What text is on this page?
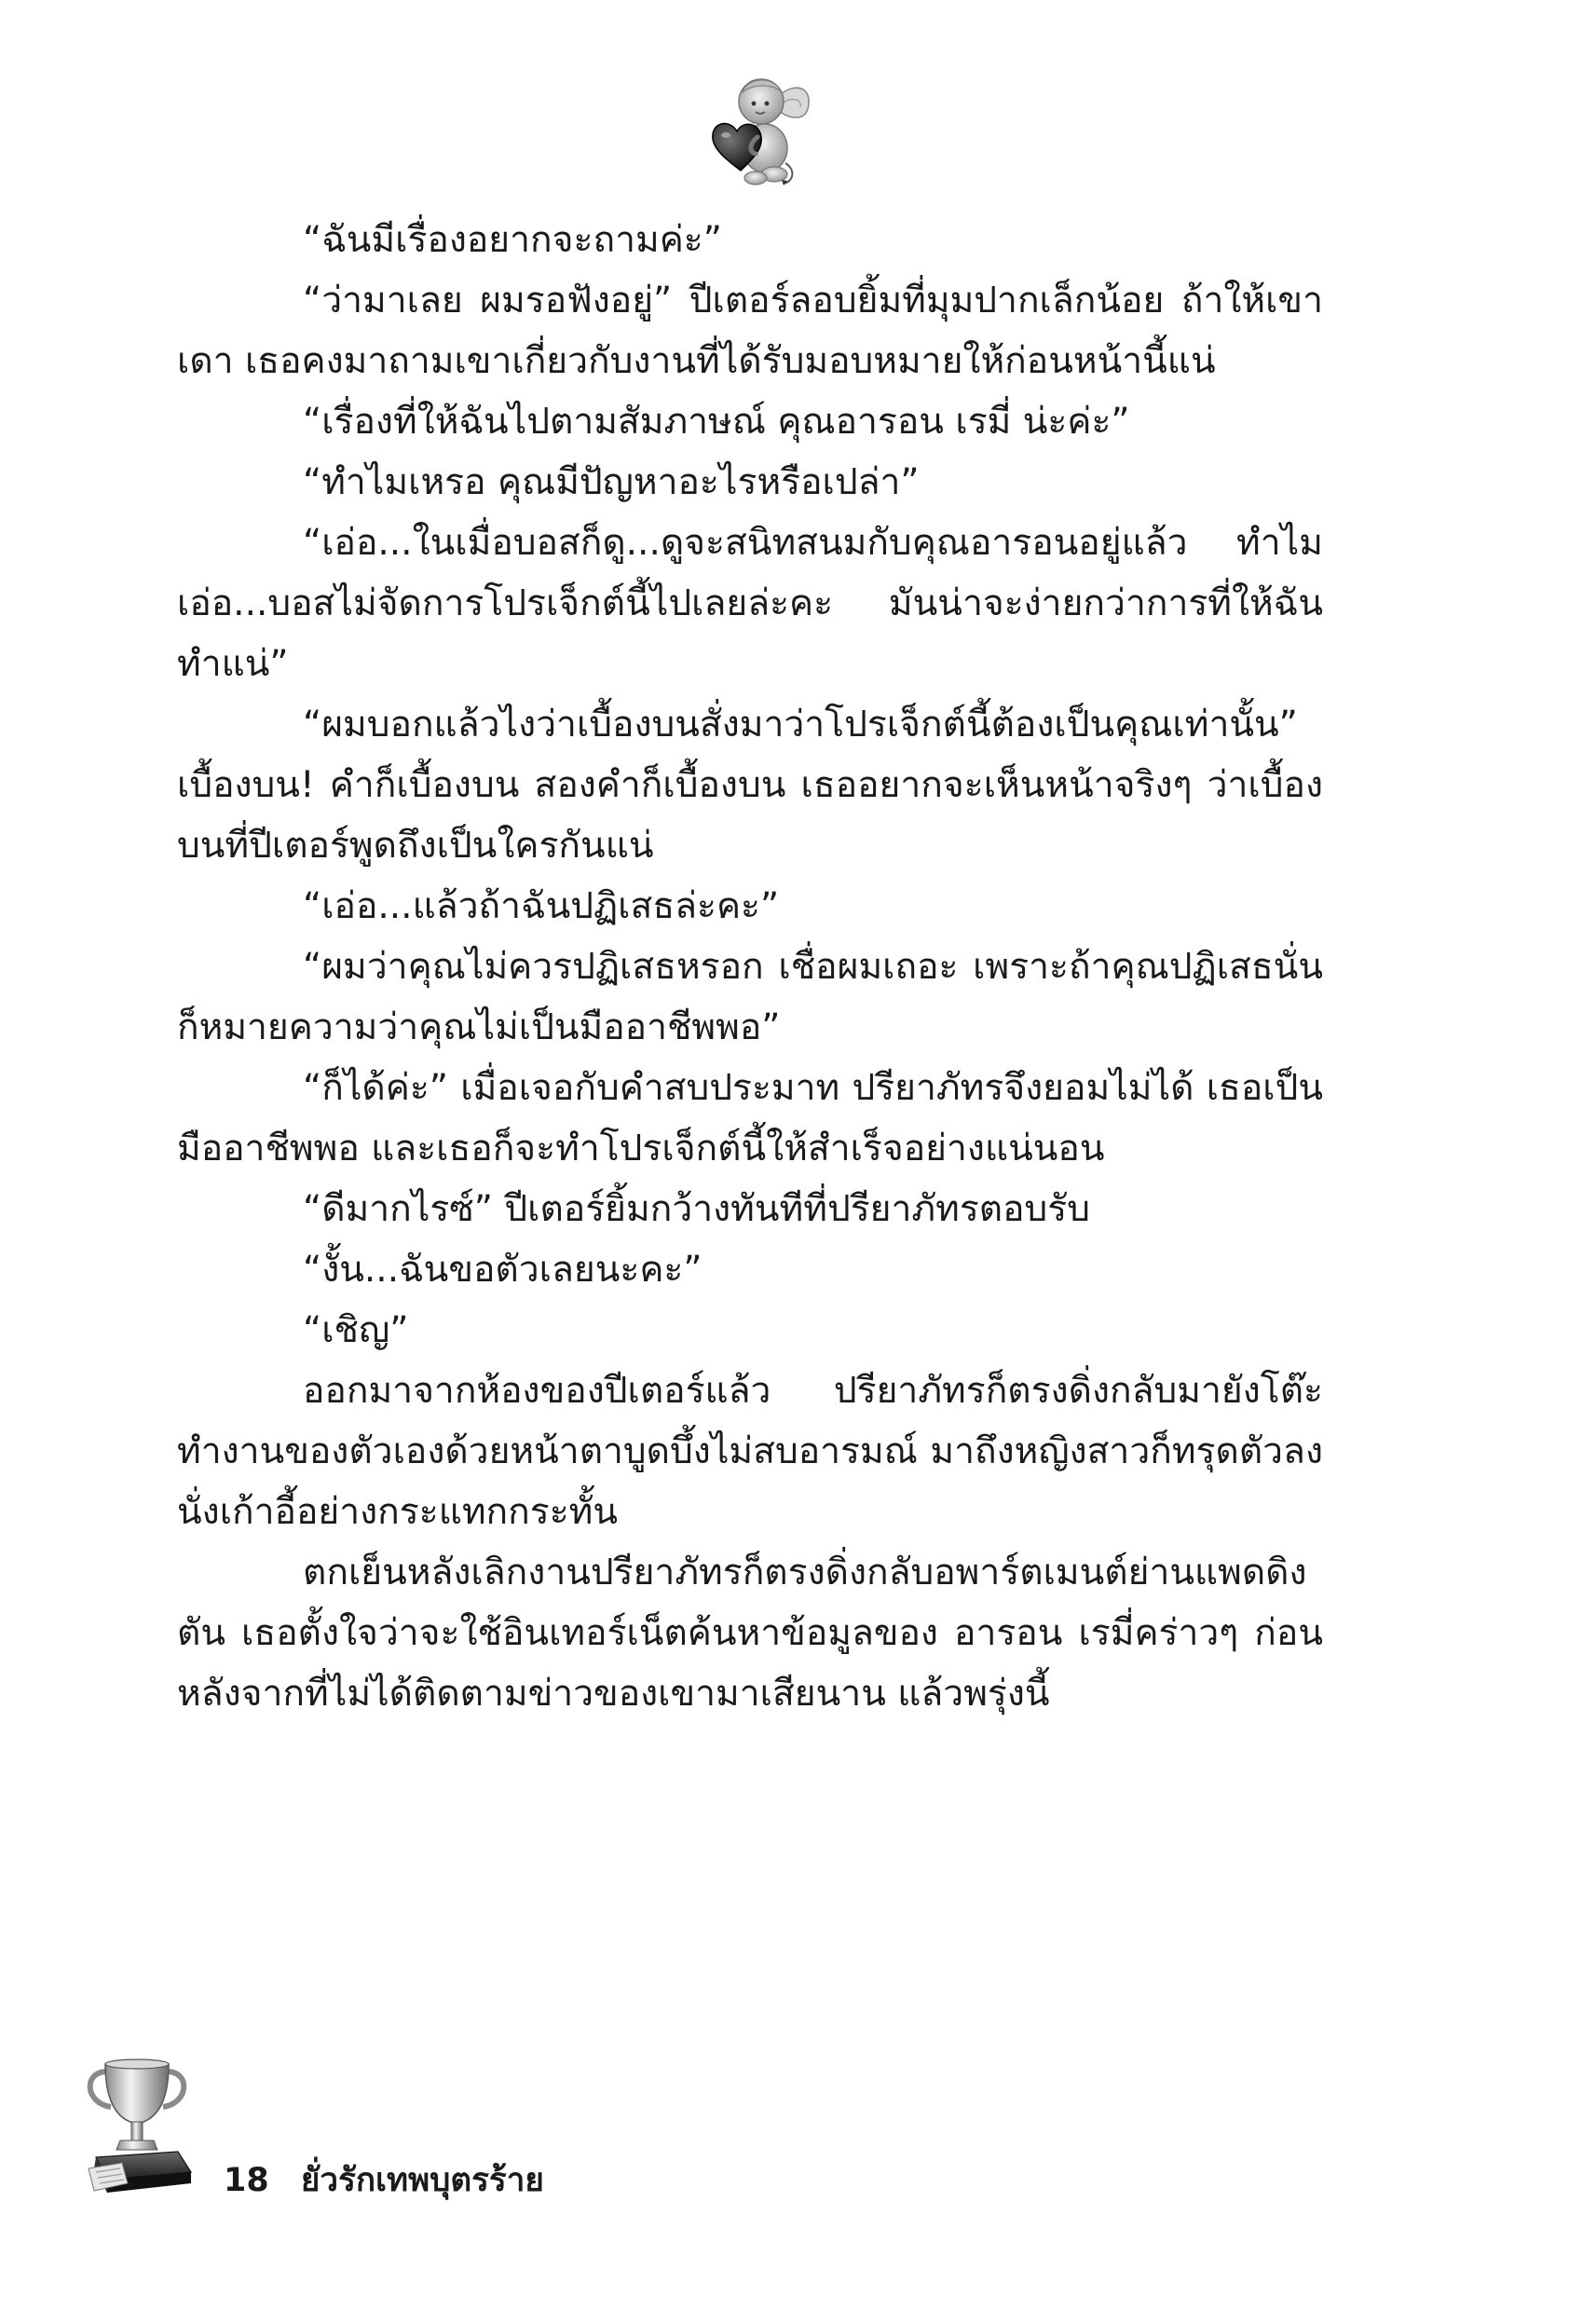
“ฉันมีเรื่องอยากจะถามค่ะ”

“ว่ามาเลย ผมรอฟังอยู่” ปีเตอร์ลอบยิ้มที่มุมปากเล็กน้อย ถ้าให้เขาเดา เธอคงมาถามเขาเกี่ยวกับงานที่ได้รับมอบหมายให้ก่อนหน้านี้แน่

“เรื่องที่ให้ฉันไปตามสัมภาษณ์ คุณอารอน เรมี่ น่ะค่ะ”

“ทำไมเหรอ คุณมีปัญหาอะไรหรือเปล่า”

“เอ่อ...ในเมื่อบอสก็ดู...ดูจะสนิทสนมกับคุณอารอนอยู่แล้ว ทำไมเอ่อ...บอสไม่จัดการโปรเจ็กต์นี้ไปเลยล่ะคะ มันน่าจะง่ายกว่าการที่ให้ฉันทำแน่”

“ผมบอกแล้วไงว่าเบื้องบนสั่งมาว่าโปรเจ็กต์นี้ต้องเป็นคุณเท่านั้น” เบื้องบน! คำก็เบื้องบน สองคำก็เบื้องบน เธออยากจะเห็นหน้าจริงๆ ว่าเบื้องบนที่ปีเตอร์พูดถึงเป็นใครกันแน่

“เอ่อ...แล้วถ้าฉันปฏิเสธล่ะคะ”

“ผมว่าคุณไม่ควรปฏิเสธหรอก เชื่อผมเถอะ เพราะถ้าคุณปฏิเสธนั่นก็หมายความว่าคุณไม่เป็นมืออาชีพพอ”

“ก็ได้ค่ะ” เมื่อเจอกับคำสบประมาท ปรียาภัทรจึงยอมไม่ได้ เธอเป็นมืออาชีพพอ และเธอก็จะทำโปรเจ็กต์นี้ให้สำเร็จอย่างแน่นอน

“ดีมากไรซ์” ปีเตอร์ยิ้มกว้างทันทีที่ปรียาภัทรตอบรับ

“งั้น...ฉันขอตัวเลยนะคะ”

“เชิญ”

ออกมาจากห้องของปีเตอร์แล้ว ปรียาภัทรก็ตรงดิ่งกลับมายังโต๊ะทำงานของตัวเองด้วยหน้าตาบูดบึ้งไม่สบอารมณ์ มาถึงหญิงสาวก็ทรุดตัวลงนั่งเก้าอี้อย่างกระแทกกระทั้น

ตกเย็นหลังเลิกงานปรียาภัทรก็ตรงดิ่งกลับอพาร์ตเมนต์ย่านแพดดิงตัน เธอตั้งใจว่าจะใช้อินเทอร์เน็ตค้นหาข้อมูลของ อารอน เรมี่คร่าวๆ ก่อน หลังจากที่ไม่ได้ติดตามข่าวของเขามาเสียนาน แล้วพรุ่งนี้

18 ยั่วรักเทพบุตรร้าย
